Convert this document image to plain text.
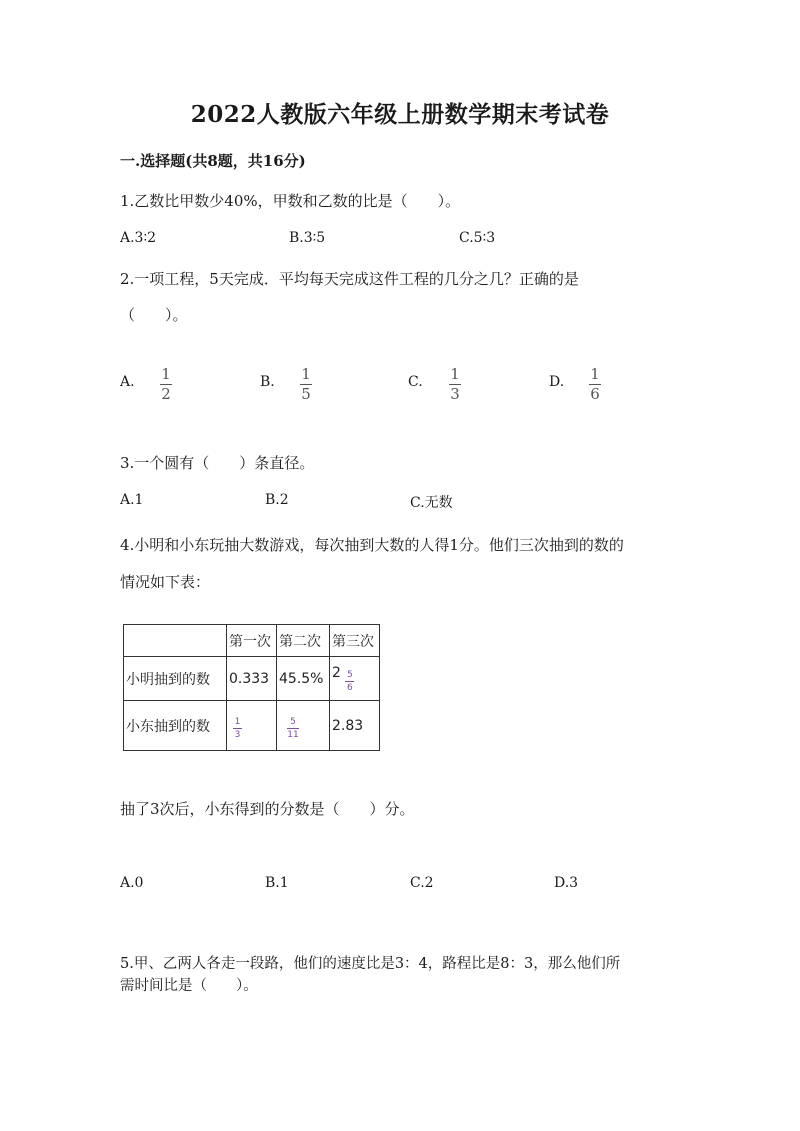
2022人教版六年级上册数学期末考试卷
一.选择题(共8题，共16分)
1.乙数比甲数少40%，甲数和乙数的比是（　　）。
A.3∶2	B.3∶5	C.5∶3
2.一项工程，5天完成．平均每天完成这件工程的几分之几？正确的是
（　　）。
A. 1
2
B. 1
5
C. 1
3
D. 1
6
3.一个圆有（　　）条直径。
A.1	B.2	C.无数
4.小明和小东玩抽大数游戏，每次抽到大数的人得1分。他们三次抽到的数的
情况如下表：
	第一次	第二次	第三次
小明抽到的数	0.333	45.5%	$2 \frac{5}{6}$

小东抽到的数	$\frac{1}{3}$	$\frac{5}{11}$	2.83
抽了3次后，小东得到的分数是（　　）分。
A.0	B.1	C.2	D.3
5.甲、乙两人各走一段路，他们的速度比是3：4，路程比是8：3，那么他们所
需时间比是（　　）。
